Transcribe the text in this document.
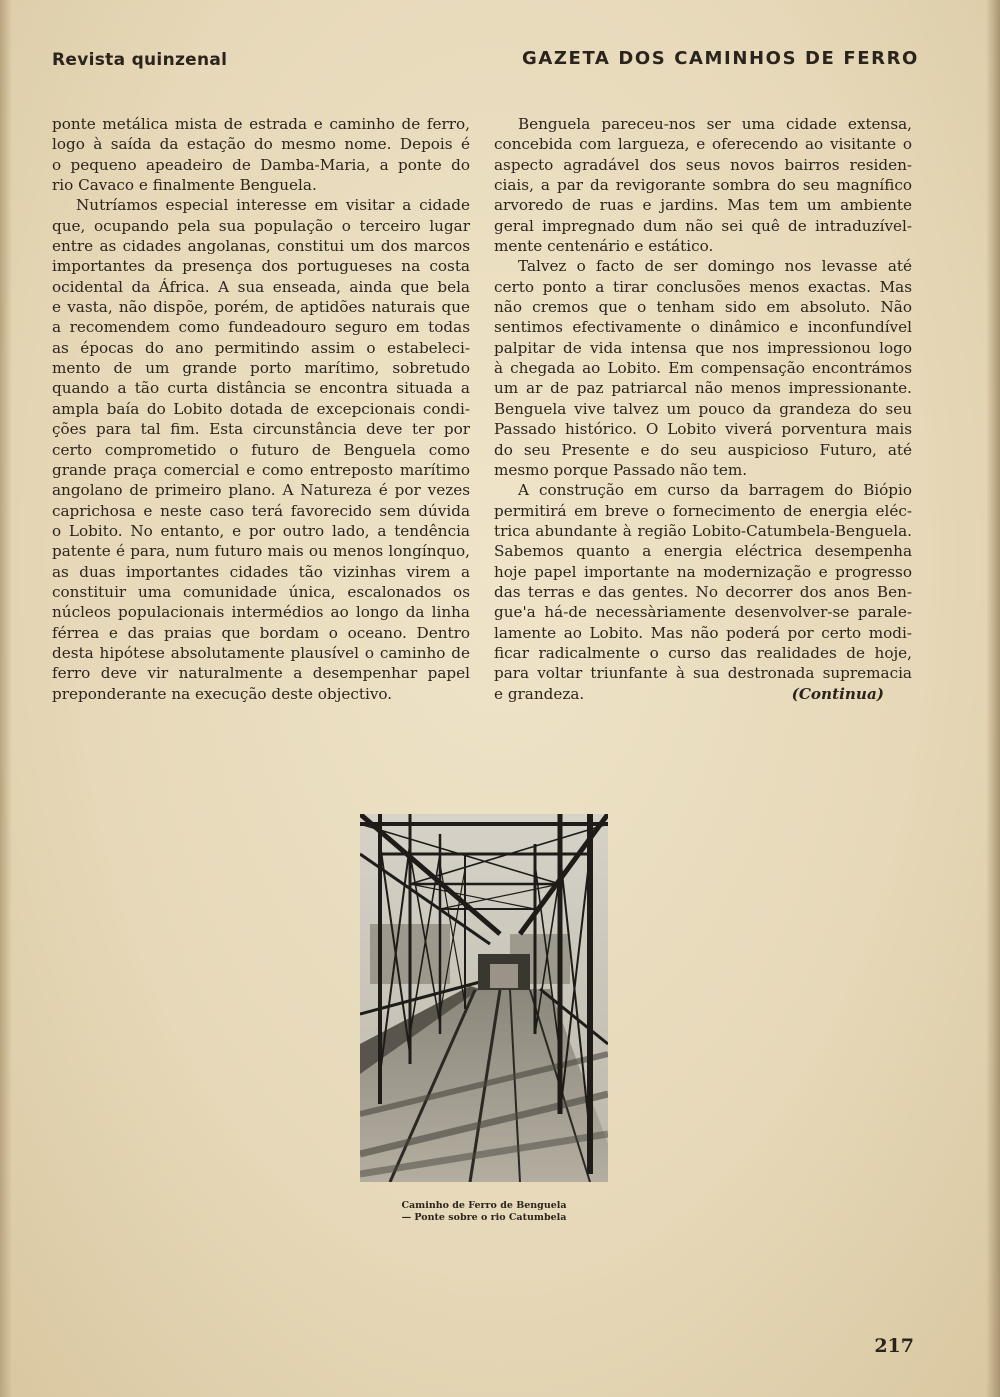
Revista quinzenal	GAZETA DOS CAMINHOS DE FERRO
ponte metálica mista de estrada e caminho de ferro,
logo à saída da estação do mesmo nome. Depois é
o pequeno apeadeiro de Damba-Maria, a ponte do
rio Cavaco e finalmente Benguela.
Nutríamos especial interesse em visitar a cidade
que, ocupando pela sua população o terceiro lugar
entre as cidades angolanas, constitui um dos marcos
importantes da presença dos portugueses na costa
ocidental da África. A sua enseada, ainda que bela
e vasta, não dispõe, porém, de aptidões naturais que
a recomendem como fundeadouro seguro em todas
as épocas do ano permitindo assim o estabeleci-
mento de um grande porto marítimo, sobretudo
quando a tão curta distância se encontra situada a
ampla baía do Lobito dotada de excepcionais condi-
ções para tal fim. Esta circunstância deve ter por
certo comprometido o futuro de Benguela como
grande praça comercial e como entreposto marítimo
angolano de primeiro plano. A Natureza é por vezes
caprichosa e neste caso terá favorecido sem dúvida
o Lobito. No entanto, e por outro lado, a tendência
patente é para, num futuro mais ou menos longínquo,
as duas importantes cidades tão vizinhas virem a
constituir uma comunidade única, escalonados os
núcleos populacionais intermédios ao longo da linha
férrea e das praias que bordam o oceano. Dentro
desta hipótese absolutamente plausível o caminho de
ferro deve vir naturalmente a desempenhar papel
preponderante na execução deste objectivo.
Benguela pareceu-nos ser uma cidade extensa,
concebida com largueza, e oferecendo ao visitante o
aspecto agradável dos seus novos bairros residen-
ciais, a par da revigorante sombra do seu magnífico
arvoredo de ruas e jardins. Mas tem um ambiente
geral impregnado dum não sei quê de intraduzível-
mente centenário e estático.
Talvez o facto de ser domingo nos levasse até
certo ponto a tirar conclusões menos exactas. Mas
não cremos que o tenham sido em absoluto. Não
sentimos efectivamente o dinâmico e inconfundível
palpitar de vida intensa que nos impressionou logo
à chegada ao Lobito. Em compensação encontrámos
um ar de paz patriarcal não menos impressionante.
Benguela vive talvez um pouco da grandeza do seu
Passado histórico. O Lobito viverá porventura mais
do seu Presente e do seu auspicioso Futuro, até
mesmo porque Passado não tem.
A construção em curso da barragem do Biópio
permitirá em breve o fornecimento de energia eléc-
trica abundante à região Lobito-Catumbela-Benguela.
Sabemos quanto a energia eléctrica desempenha
hoje papel importante na modernização e progresso
das terras e das gentes. No decorrer dos anos Ben-
gue'a há-de necessàriamente desenvolver-se parale-
lamente ao Lobito. Mas não poderá por certo modi-
ficar radicalmente o curso das realidades de hoje,
para voltar triunfante à sua destronada supremacia
e grandeza.	(Continua)
Caminho de Ferro de Benguela
— Ponte sobre o rio Catumbela
217
